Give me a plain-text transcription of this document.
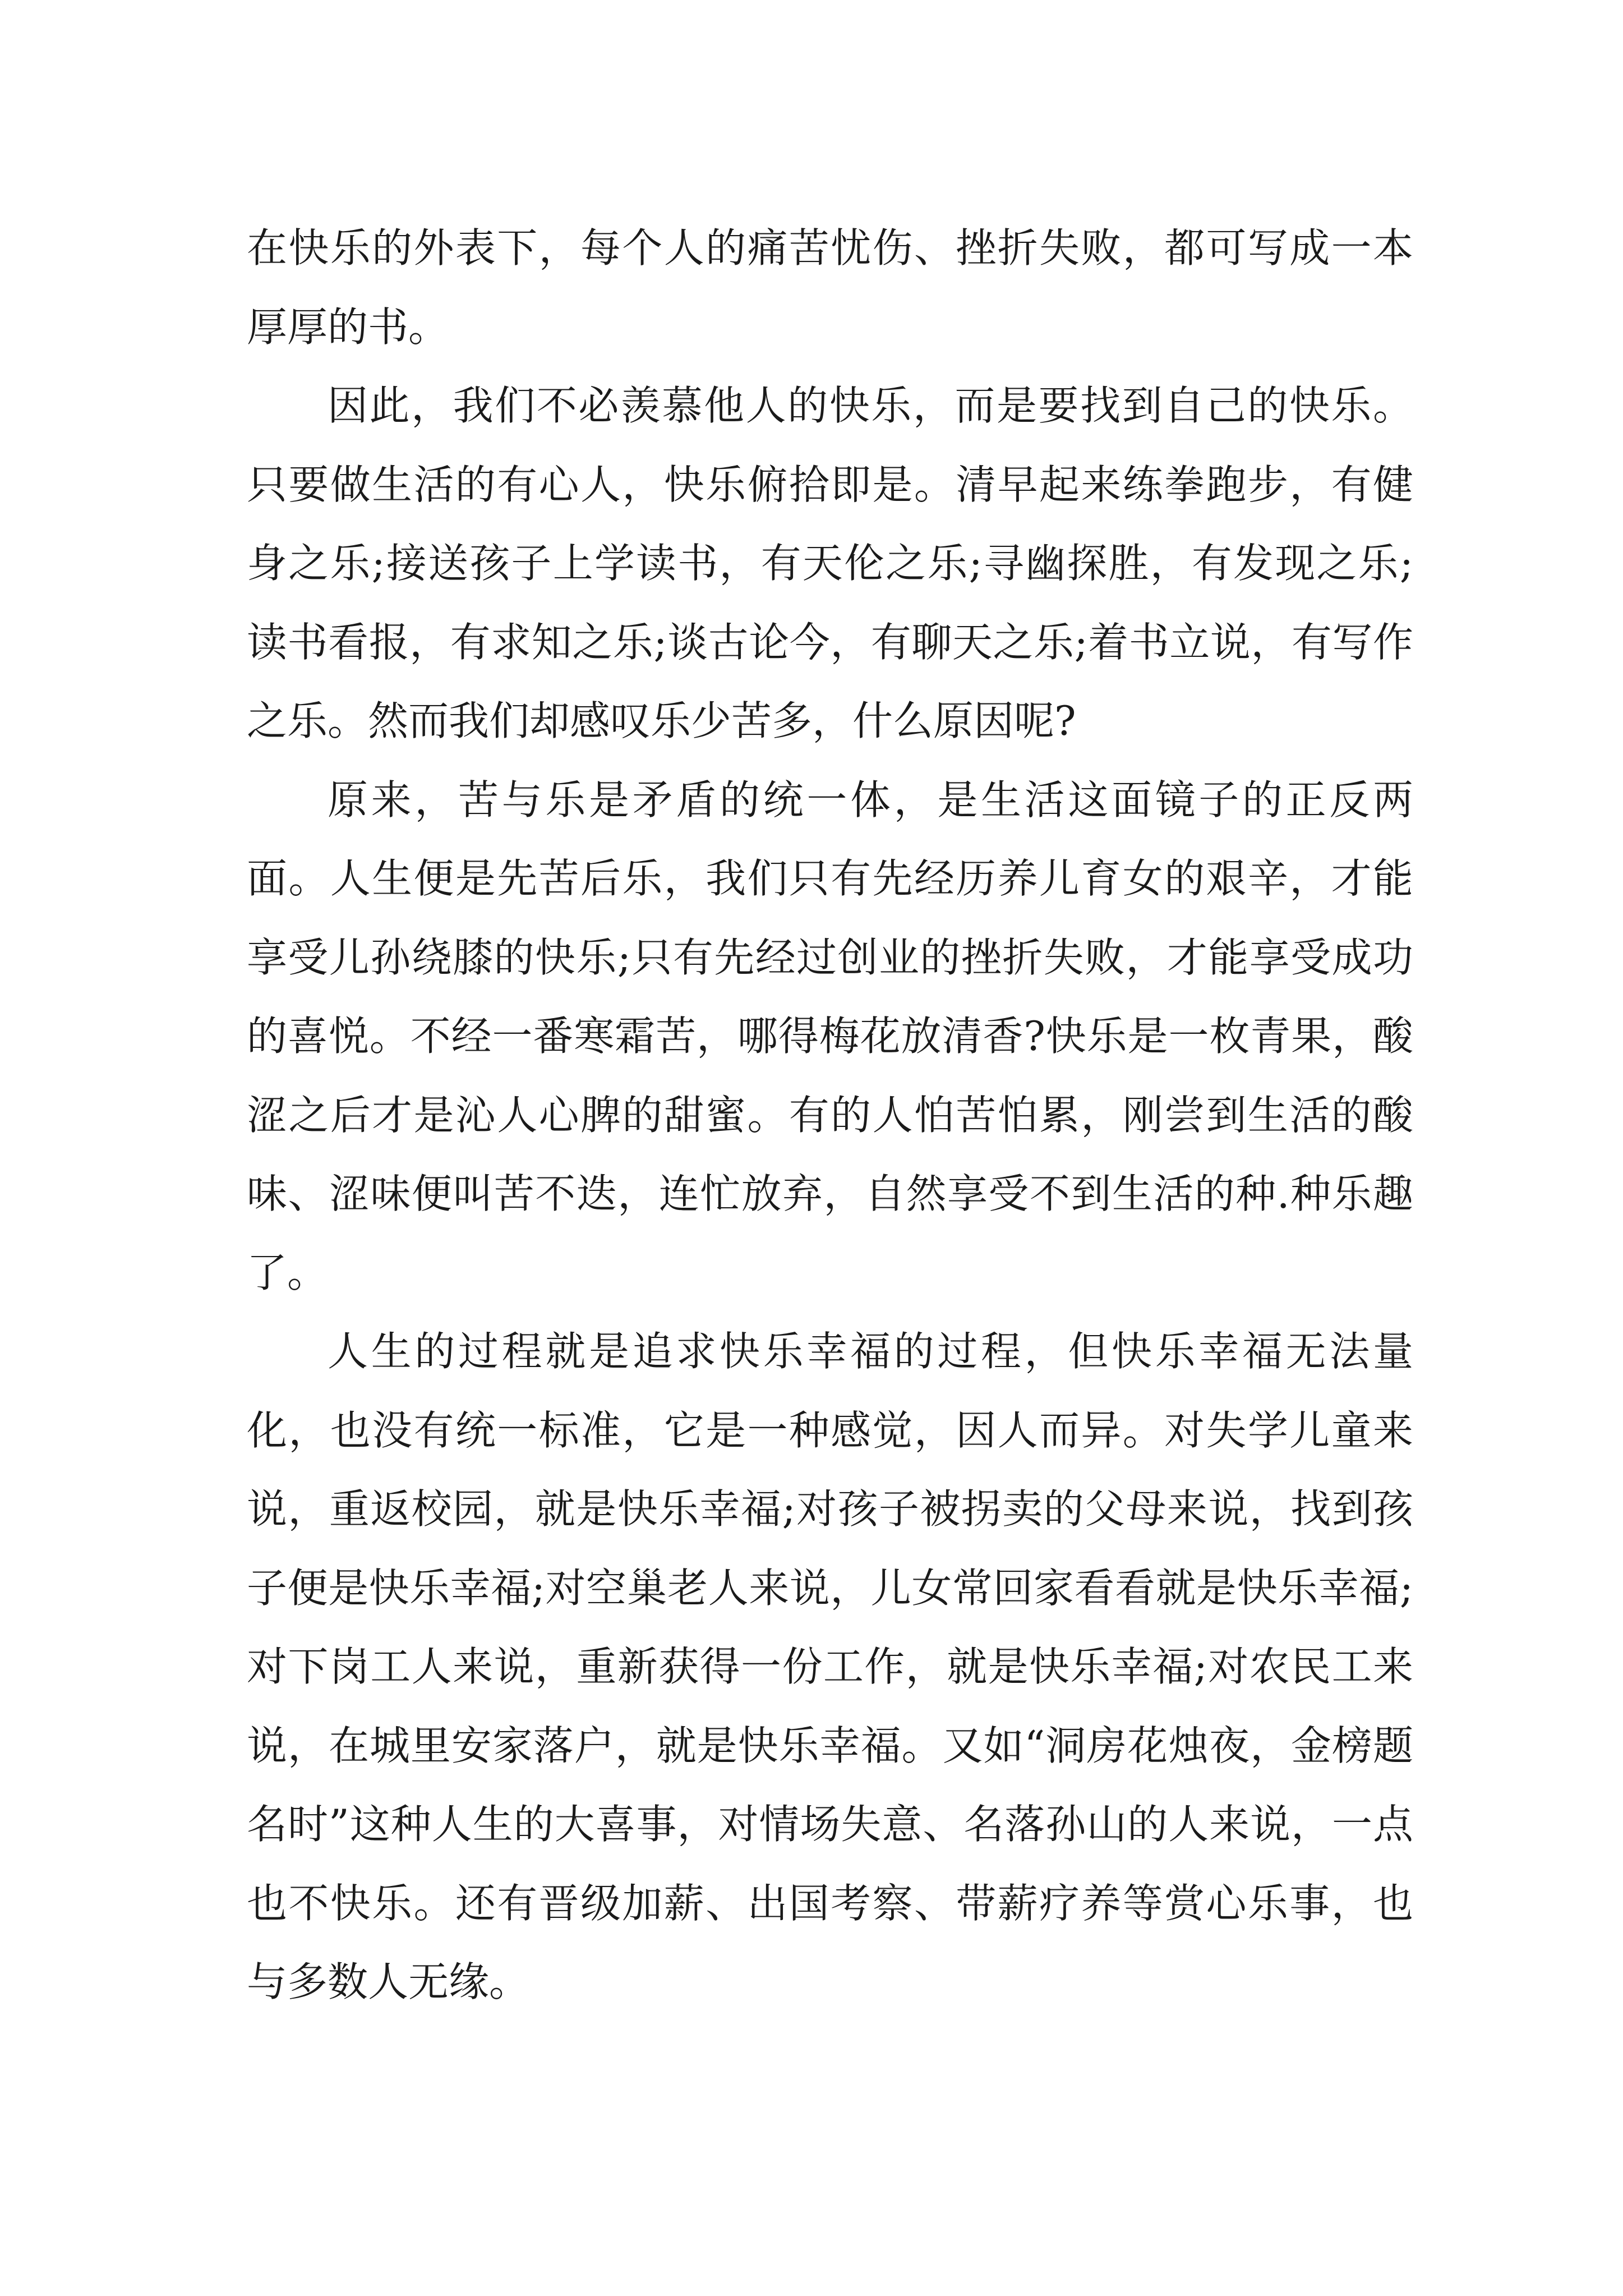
在快乐的外表下，每个人的痛苦忧伤、挫折失败，都可写成一本厚厚的书。

因此，我们不必羡慕他人的快乐，而是要找到自己的快乐。只要做生活的有心人，快乐俯拾即是。清早起来练拳跑步，有健身之乐;接送孩子上学读书，有天伦之乐;寻幽探胜，有发现之乐;读书看报，有求知之乐;谈古论今，有聊天之乐;着书立说，有写作之乐。然而我们却感叹乐少苦多，什么原因呢?

原来，苦与乐是矛盾的统一体，是生活这面镜子的正反两面。人生便是先苦后乐，我们只有先经历养儿育女的艰辛，才能享受儿孙绕膝的快乐;只有先经过创业的挫折失败，才能享受成功的喜悦。不经一番寒霜苦，哪得梅花放清香?快乐是一枚青果，酸涩之后才是沁人心脾的甜蜜。有的人怕苦怕累，刚尝到生活的酸味、涩味便叫苦不迭，连忙放弃，自然享受不到生活的种.种乐趣了。

人生的过程就是追求快乐幸福的过程，但快乐幸福无法量化，也没有统一标准，它是一种感觉，因人而异。对失学儿童来说，重返校园，就是快乐幸福;对孩子被拐卖的父母来说，找到孩子便是快乐幸福;对空巢老人来说，儿女常回家看看就是快乐幸福;对下岗工人来说，重新获得一份工作，就是快乐幸福;对农民工来说，在城里安家落户，就是快乐幸福。又如“洞房花烛夜，金榜题名时”这种人生的大喜事，对情场失意、名落孙山的人来说，一点也不快乐。还有晋级加薪、出国考察、带薪疗养等赏心乐事，也与多数人无缘。
